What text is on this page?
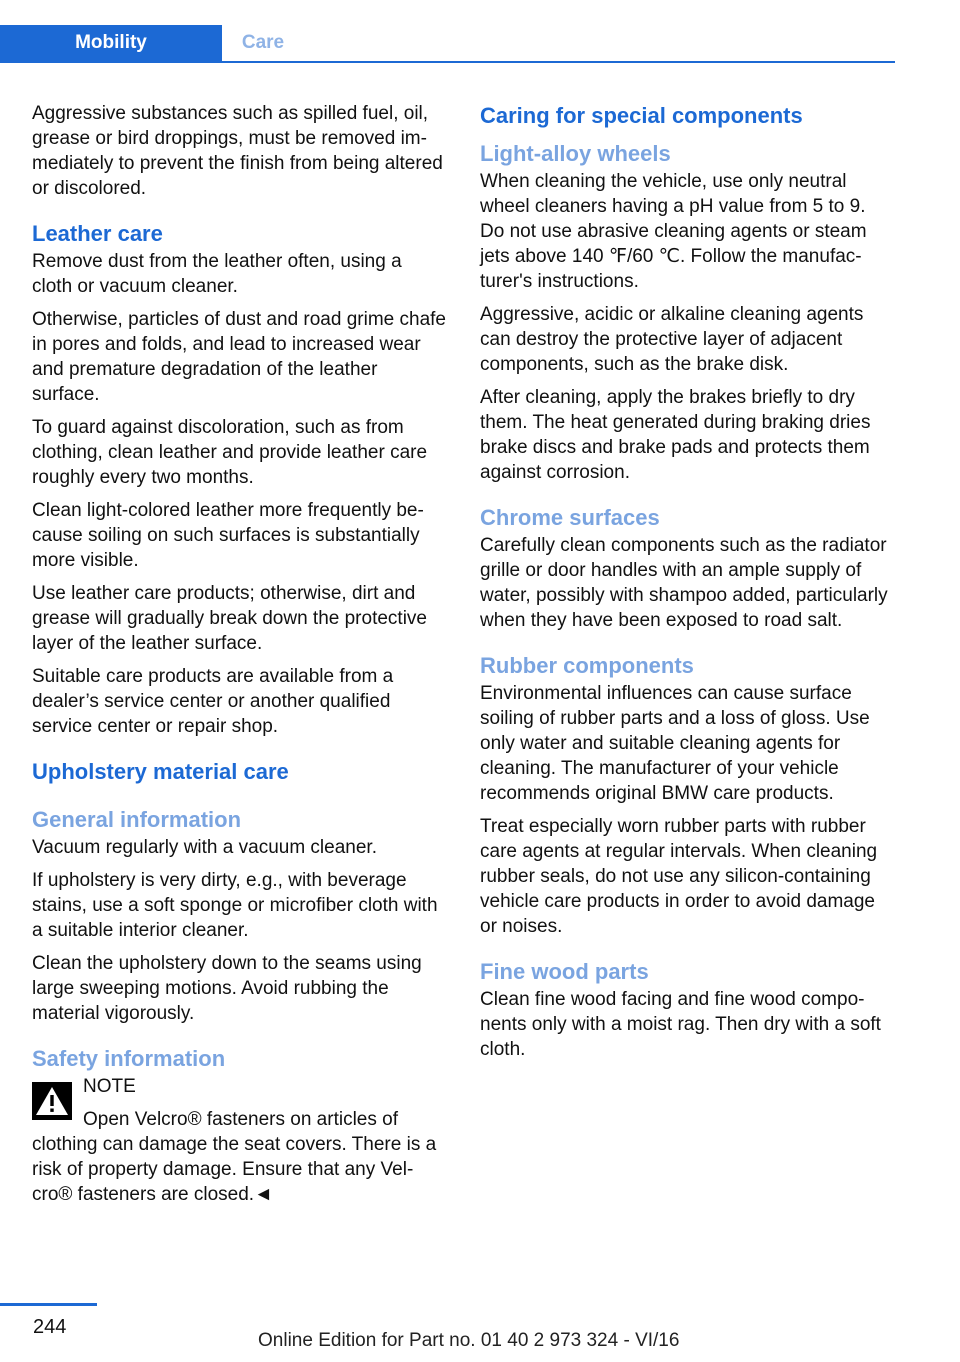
Mobility	Care

Aggressive substances such as spilled fuel, oil, grease or bird droppings, must be removed immediately to prevent the finish from being altered or discolored.

Leather care

Remove dust from the leather often, using a cloth or vacuum cleaner.

Otherwise, particles of dust and road grime chafe in pores and folds, and lead to increased wear and premature degradation of the leather surface.

To guard against discoloration, such as from clothing, clean leather and provide leather care roughly every two months.

Clean light-colored leather more frequently because soiling on such surfaces is substantially more visible.

Use leather care products; otherwise, dirt and grease will gradually break down the protective layer of the leather surface.

Suitable care products are available from a dealer’s service center or another qualified service center or repair shop.

Upholstery material care
General information

Vacuum regularly with a vacuum cleaner.

If upholstery is very dirty, e.g., with beverage stains, use a soft sponge or microfiber cloth with a suitable interior cleaner.

Clean the upholstery down to the seams using large sweeping motions. Avoid rubbing the material vigorously.

Safety information

NOTE

Open Velcro® fasteners on articles of
clothing can damage the seat covers. There is a risk of property damage. Ensure that any Velcro® fasteners are closed.◄

Caring for special components
Light-alloy wheels

When cleaning the vehicle, use only neutral wheel cleaners having a pH value from 5 to 9. Do not use abrasive cleaning agents or steam jets above 140 ℉/60 ℃. Follow the manufacturer's instructions.

Aggressive, acidic or alkaline cleaning agents can destroy the protective layer of adjacent components, such as the brake disk.

After cleaning, apply the brakes briefly to dry them. The heat generated during braking dries brake discs and brake pads and protects them against corrosion.

Chrome surfaces

Carefully clean components such as the radiator grille or door handles with an ample supply of water, possibly with shampoo added, particularly when they have been exposed to road salt.

Rubber components

Environmental influences can cause surface soiling of rubber parts and a loss of gloss. Use only water and suitable cleaning agents for cleaning. The manufacturer of your vehicle recommends original BMW care products.

Treat especially worn rubber parts with rubber care agents at regular intervals. When cleaning rubber seals, do not use any silicon-containing vehicle care products in order to avoid damage or noises.

Fine wood parts

Clean fine wood facing and fine wood components only with a moist rag. Then dry with a soft cloth.

244
Online Edition for Part no. 01 40 2 973 324 - VI/16
